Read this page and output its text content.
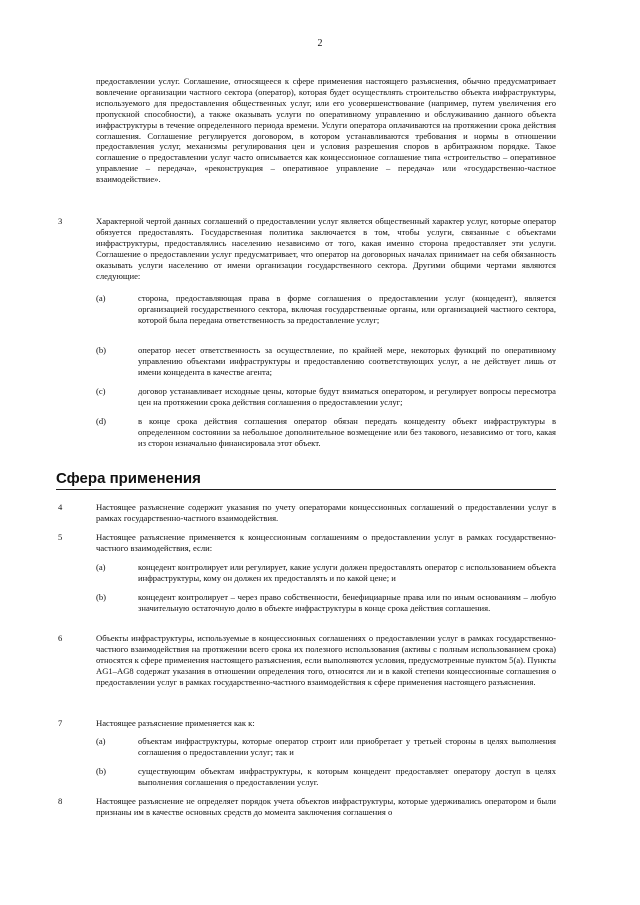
2
предоставлении услуг. Соглашение, относящееся к сфере применения настоящего разъяснения, обычно предусматривает вовлечение организации частного сектора (оператор), которая будет осуществлять строительство объекта инфраструктуры, используемого для предоставления общественных услуг, или его усовершенствование (например, путем увеличения его пропускной способности), а также оказывать услуги по оперативному управлению и обслуживанию данного объекта инфраструктуры в течение определенного периода времени. Услуги оператора оплачиваются на протяжении срока действия соглашения. Соглашение регулируется договором, в котором устанавливаются требования и нормы в отношении предоставления услуг, механизмы регулирования цен и условия разрешения споров в арбитражном порядке. Такое соглашение о предоставлении услуг часто описывается как концессионное соглашение типа «строительство – оперативное управление – передача», «реконструкция – оперативное управление – передача» или «государственно-частное взаимодействие».
3	Характерной чертой данных соглашений о предоставлении услуг является общественный характер услуг, которые оператор обязуется предоставлять. Государственная политика заключается в том, чтобы услуги, связанные с объектами инфраструктуры, предоставлялись населению независимо от того, какая именно сторона предоставляет эти услуги. Соглашение о предоставлении услуг предусматривает, что оператор на договорных началах принимает на себя обязанность оказывать услуги населению от имени организации государственного сектора. Другими общими чертами являются следующие:
(a)	сторона, предоставляющая права в форме соглашения о предоставлении услуг (концедент), является организацией государственного сектора, включая государственные органы, или организацией частного сектора, которой была передана ответственность за предоставление услуг;
(b)	оператор несет ответственность за осуществление, по крайней мере, некоторых функций по оперативному управлению объектами инфраструктуры и предоставлению соответствующих услуг, а не действует лишь от имени концедента в качестве агента;
(c)	договор устанавливает исходные цены, которые будут взиматься оператором, и регулирует вопросы пересмотра цен на протяжении срока действия соглашения о предоставлении услуг;
(d)	в конце срока действия соглашения оператор обязан передать концеденту объект инфраструктуры в определенном состоянии за небольшое дополнительное возмещение или без такового, независимо от того, какая из сторон изначально финансировала этот объект.
Сфера применения
4	Настоящее разъяснение содержит указания по учету операторами концессионных соглашений о предоставлении услуг в рамках государственно-частного взаимодействия.
5	Настоящее разъяснение применяется к концессионным соглашениям о предоставлении услуг в рамках государственно-частного взаимодействия, если:
(a)	концедент контролирует или регулирует, какие услуги должен предоставлять оператор с использованием объекта инфраструктуры, кому он должен их предоставлять и по какой цене; и
(b)	концедент контролирует – через право собственности, бенефициарные права или по иным основаниям – любую значительную остаточную долю в объекте инфраструктуры в конце срока действия соглашения.
6	Объекты инфраструктуры, используемые в концессионных соглашениях о предоставлении услуг в рамках государственно-частного взаимодействия на протяжении всего срока их полезного использования (активы с полным использованием срока) относятся к сфере применения настоящего разъяснения, если выполняются условия, предусмотренные пунктом 5(a). Пункты AG1–AG8 содержат указания в отношении определения того, относятся ли и в какой степени концессионные соглашения о предоставлении услуг в рамках государственно-частного взаимодействия к сфере применения настоящего разъяснения.
7	Настоящее разъяснение применяется как к:
(a)	объектам инфраструктуры, которые оператор строит или приобретает у третьей стороны в целях выполнения соглашения о предоставлении услуг; так и
(b)	существующим объектам инфраструктуры, к которым концедент предоставляет оператору доступ в целях выполнения соглашения о предоставлении услуг.
8	Настоящее разъяснение не определяет порядок учета объектов инфраструктуры, которые удерживались оператором и были признаны им в качестве основных средств до момента заключения соглашения о
